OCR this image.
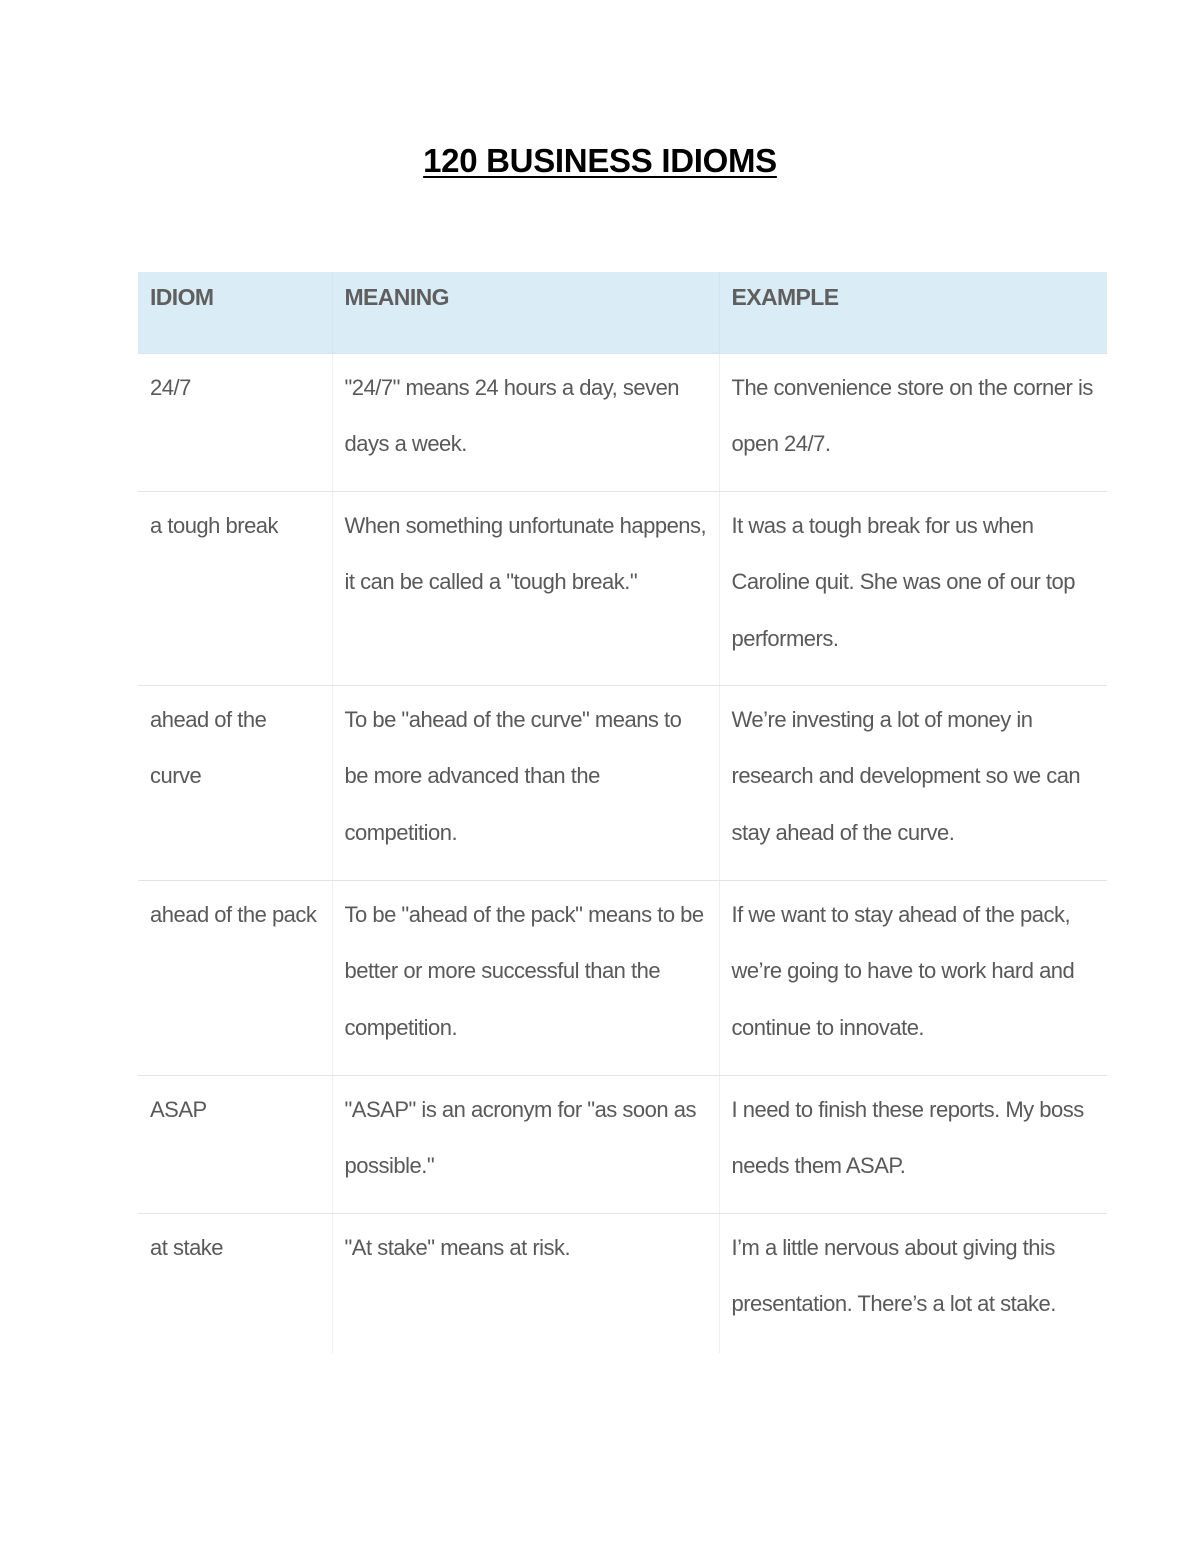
120 BUSINESS IDIOMS
IDIOM	MEANING	EXAMPLE
24/7	"24/7" means 24 hours a day, seven days a week.	The convenience store on the corner is open 24/7.
a tough break	When something unfortunate happens, it can be called a "tough break."	It was a tough break for us when Caroline quit. She was one of our top performers.
ahead of the curve	To be "ahead of the curve" means to be more advanced than the competition.	We’re investing a lot of money in research and development so we can stay ahead of the curve.
ahead of the pack	To be "ahead of the pack" means to be better or more successful than the competition.	If we want to stay ahead of the pack, we’re going to have to work hard and continue to innovate.
ASAP	"ASAP" is an acronym for "as soon as possible."	I need to finish these reports. My boss needs them ASAP.
at stake	"At stake" means at risk.	I’m a little nervous about giving this presentation. There’s a lot at stake.
